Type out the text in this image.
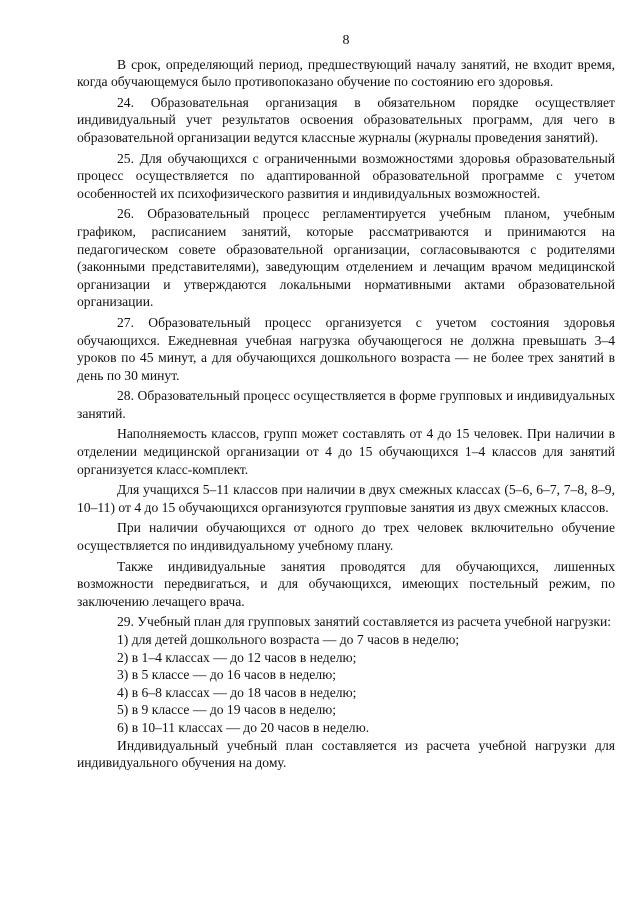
8

В срок, определяющий период, предшествующий началу занятий, не входит время, когда обучающемуся было противопоказано обучение по состоянию его здоровья.

24. Образовательная организация в обязательном порядке осуществляет индивидуальный учет результатов освоения образовательных программ, для чего в образовательной организации ведутся классные журналы (журналы проведения занятий).

25. Для обучающихся с ограниченными возможностями здоровья образовательный процесс осуществляется по адаптированной образовательной программе с учетом особенностей их психофизического развития и индивидуальных возможностей.

26. Образовательный процесс регламентируется учебным планом, учебным графиком, расписанием занятий, которые рассматриваются и принимаются на педагогическом совете образовательной организации, согласовываются с родителями (законными представителями), заведующим отделением и лечащим врачом медицинской организации и утверждаются локальными нормативными актами образовательной организации.

27. Образовательный процесс организуется с учетом состояния здоровья обучающихся. Ежедневная учебная нагрузка обучающегося не должна превышать 3–4 уроков по 45 минут, а для обучающихся дошкольного возраста — не более трех занятий в день по 30 минут.

28. Образовательный процесс осуществляется в форме групповых и индивидуальных занятий.

Наполняемость классов, групп может составлять от 4 до 15 человек. При наличии в отделении медицинской организации от 4 до 15 обучающихся 1–4 классов для занятий организуется класс-комплект.

Для учащихся 5–11 классов при наличии в двух смежных классах (5–6, 6–7, 7–8, 8–9, 10–11) от 4 до 15 обучающихся организуются групповые занятия из двух смежных классов.

При наличии обучающихся от одного до трех человек включительно обучение осуществляется по индивидуальному учебному плану.

Также индивидуальные занятия проводятся для обучающихся, лишенных возможности передвигаться, и для обучающихся, имеющих постельный режим, по заключению лечащего врача.

29. Учебный план для групповых занятий составляется из расчета учебной нагрузки:

1) для детей дошкольного возраста — до 7 часов в неделю;

2) в 1–4 классах — до 12 часов в неделю;

3) в 5 классе — до 16 часов в неделю;

4) в 6–8 классах — до 18 часов в неделю;

5) в 9 классе — до 19 часов в неделю;

6) в 10–11 классах — до 20 часов в неделю.

Индивидуальный учебный план составляется из расчета учебной нагрузки для индивидуального обучения на дому.
